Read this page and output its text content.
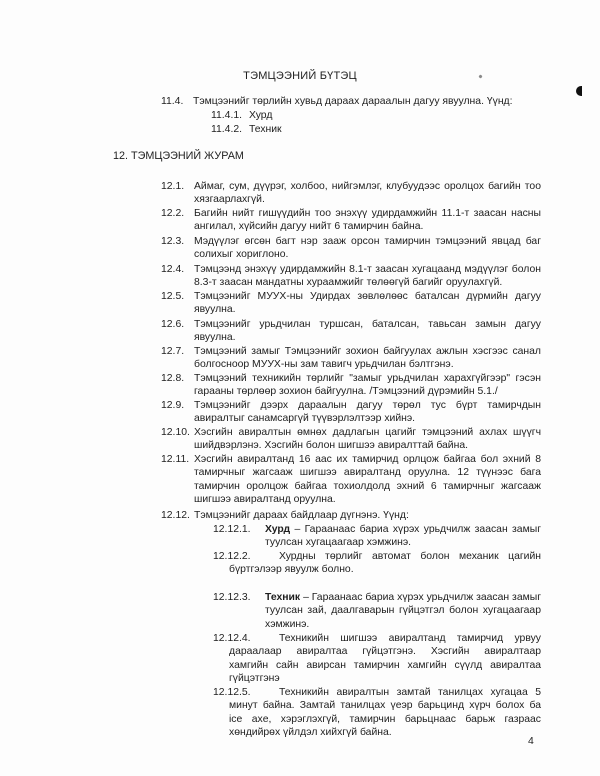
ТЭМЦЭЭНИЙ БҮТЭЦ
11.4. Тэмцээнийг төрлийн хувьд дараах дараалын дагуу явуулна. Үүнд:
11.4.1. Хурд
11.4.2. Техник
12. ТЭМЦЭЭНИЙ ЖУРАМ
12.1. Аймаг, сум, дүүрэг, холбоо, нийгэмлэг, клубуудээс оролцох багийн тоо
хязгаарлахгүй.
12.2. Багийн нийт гишүүдийн тоо энэхүү удирдамжийн 11.1-т заасан насны
ангилал, хүйсийн дагуу нийт 6 тамирчин байна.
12.3. Мэдүүлэг өгсөн багт нэр зааж орсон тамирчин тэмцээний явцад баг
солихыг хориглоно.
12.4. Тэмцээнд энэхүү удирдамжийн 8.1-т заасан хугацаанд мэдүүлэг болон
8.3-т заасан мандатны хураамжийг төлөөгүй багийг оруулахгүй.
12.5. Тэмцээнийг МУУХ-ны Удирдах зөвлөлөөс баталсан дүрмийн дагуу
явуулна.
12.6. Тэмцээнийг урьдчилан туршсан, баталсан, тавьсан замын дагуу
явуулна.
12.7. Тэмцээний замыг Тэмцээнийг зохион байгуулах ажлын хэсгээс санал
болгосноор МУУХ-ны зам тавигч урьдчилан бэлтгэнэ.
12.8. Тэмцээний техникийн төрлийг "замыг урьдчилан харахгүйгээр" гэсэн
гарааны төрлөөр зохион байгуулна. /Тэмцээний дүрэмийн 5.1./
12.9. Тэмцээнийг дээрх дараалын дагуу төрөл тус бүрт тамирчдын
авиралтыг санамсаргүй түүвэрлэлтээр хийнэ.
12.10. Хэсгийн авиралтын өмнөх дадлагын цагийг тэмцээний ахлах шүүгч
шийдвэрлэнэ. Хэсгийн болон шигшээ авиралттай байна.
12.11. Хэсгийн авиралтанд 16 аас их тамирчид орлцож байгаа бол эхний 8
тамирчныг жагсааж шигшээ авиралтанд оруулна. 12 түүнээс бага
тамирчин оролцож байгаа тохиолдолд эхний 6 тамирчныг жагсааж
шигшээ авиралтанд оруулна.
12.12. Тэмцээнийг дараах байдлаар дүгнэнэ. Үүнд:
12.12.1.	Хурд – Гараанаас бариа хүрэх урьдчилж заасан замыг
туулсан хугацаагаар хэмжинэ.
12.12.2.	Хурдны төрлийг автомат болон механик цагийн
бүртгэлээр явуулж болно.
12.12.3.	Техник – Гараанаас бариа хүрэх урьдчилж заасан замыг
туулсан зай, даалгаварын гүйцэтгэл болон хугацаагаар
хэмжинэ.
12.12.4.	Техникийн шигшээ авиралтанд тамирчид урвуу
дараалаар авиралтаа гүйцэтгэнэ. Хэсгийн авиралтаар
хамгийн сайн авирсан тамирчин хамгийн сүүлд авиралтаа
гүйцэтгэнэ
12.12.5.	Техникийн авиралтын замтай танилцах хугацаа 5
минут байна. Замтай танилцах үеэр барьцинд хүрч болох ба
ice axe, хэрэглэхгүй, тамирчин барьцнаас барьж газраас
хөндийрөх үйлдэл хийхгүй байна.
4
